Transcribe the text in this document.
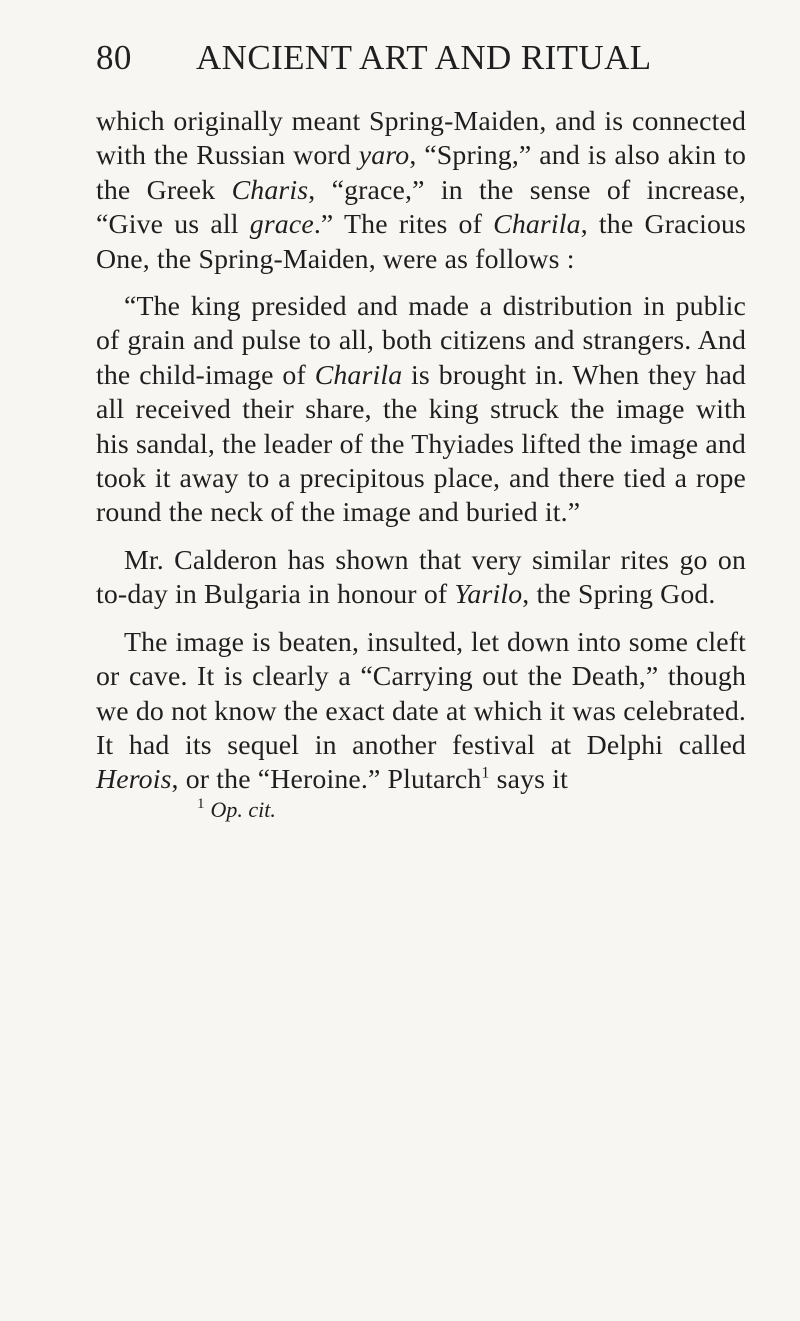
80 ANCIENT ART AND RITUAL

which originally meant Spring-Maiden, and is connected with the Russian word yaro, “Spring,” and is also akin to the Greek Charis, “grace,” in the sense of increase, “Give us all grace.” The rites of Charila, the Gracious One, the Spring-Maiden, were as follows :

“The king presided and made a distribution in public of grain and pulse to all, both citizens and strangers. And the child-image of Charila is brought in. When they had all received their share, the king struck the image with his sandal, the leader of the Thyiades lifted the image and took it away to a precipitous place, and there tied a rope round the neck of the image and buried it.”

Mr. Calderon has shown that very similar rites go on to-day in Bulgaria in honour of Yarilo, the Spring God.

The image is beaten, insulted, let down into some cleft or cave. It is clearly a “Carrying out the Death,” though we do not know the exact date at which it was celebrated. It had its sequel in another festival at Delphi called Herois, or the “Heroine.” Plutarch$^1$ says it

$^1$ Op. cit.
